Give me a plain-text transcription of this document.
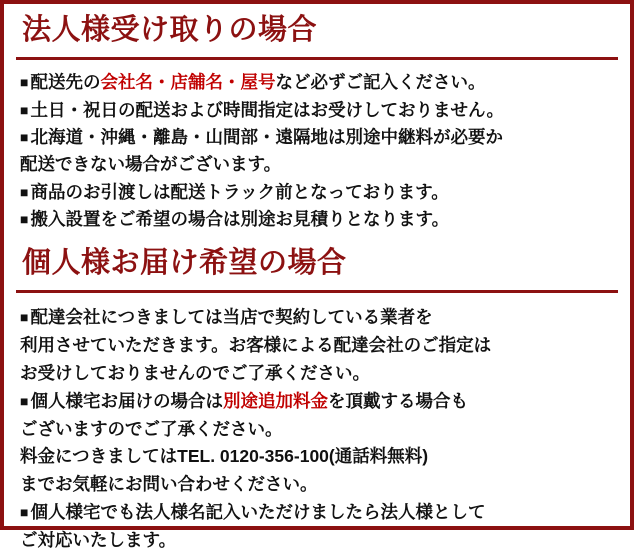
法人様受け取りの場合

■ 配送先の会社名・店舗名・屋号など必ずご記入ください。

■ 土日・祝日の配送および時間指定はお受けしておりません。

■ 北海道・沖縄・離島・山間部・遠隔地は別途中継料が必要か

配送できない場合がございます。

■ 商品のお引渡しは配送トラック前となっております。

■ 搬入設置をご希望の場合は別途お見積りとなります。

個人様お届け希望の場合

■ 配達会社につきましては当店で契約している業者を

利用させていただきます。お客様による配達会社のご指定は

お受けしておりませんのでご了承ください。

■ 個人様宅お届けの場合は別途追加料金を頂戴する場合も

ございますのでご了承ください。

料金につきましてはTEL. 0120-356-100(通話料無料)

までお気軽にお問い合わせください。

■ 個人様宅でも法人様名記入いただけましたら法人様として

ご対応いたします。
